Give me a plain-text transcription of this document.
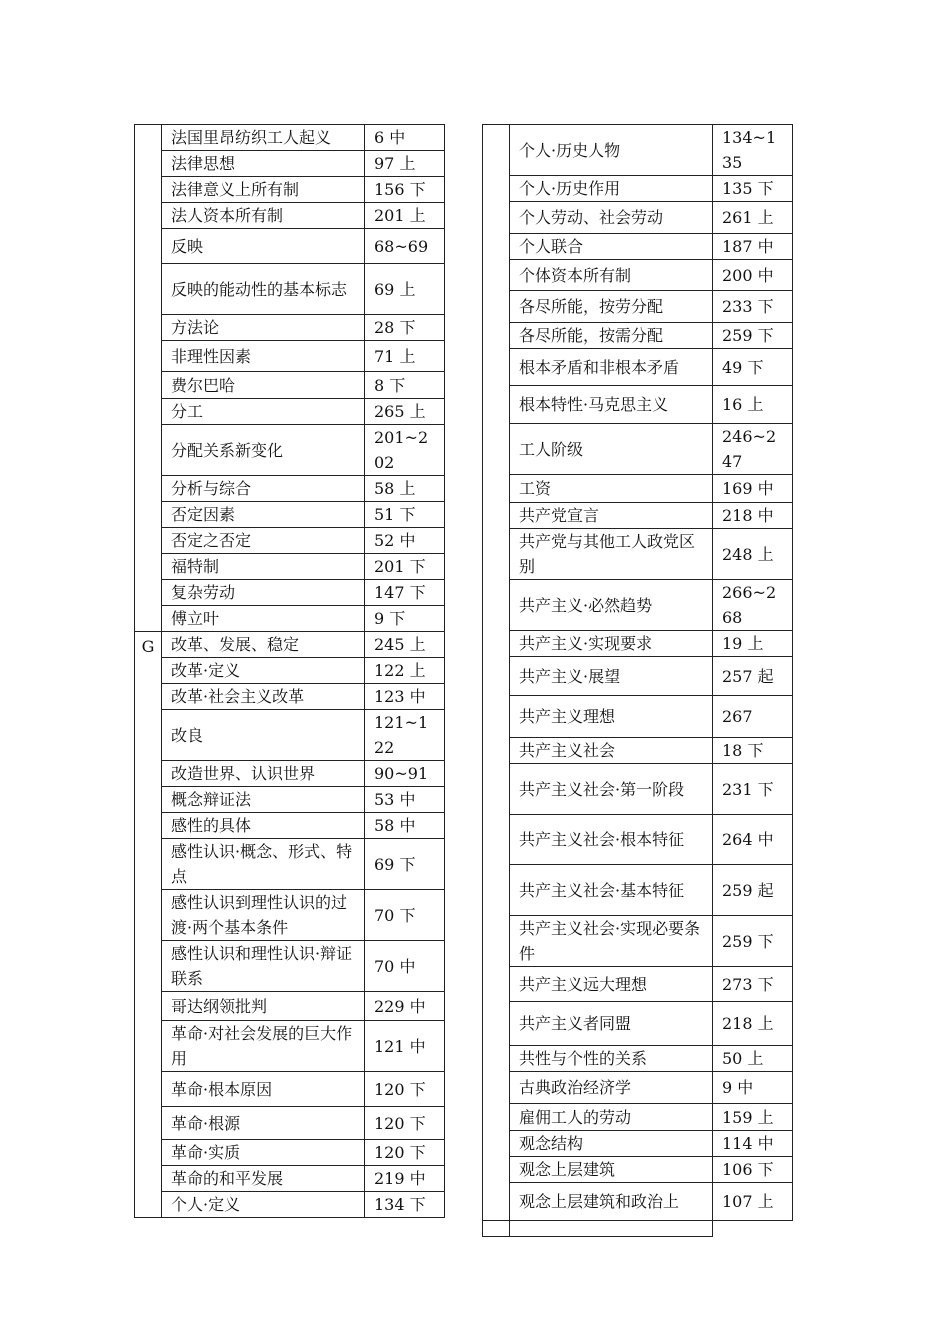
	法国里昂纺织工人起义	6 中
	法律思想	97 上
	法律意义上所有制	156 下
	法人资本所有制	201 上
	反映	68~69
	反映的能动性的基本标志	69 上
	方法论	28 下
	非理性因素	71 上
	费尔巴哈	8 下
	分工	265 上
	分配关系新变化	201~202
	分析与综合	58 上
	否定因素	51 下
	否定之否定	52 中
	福特制	201 下
	复杂劳动	147 下
	傅立叶	9 下
G	改革、发展、稳定	245 上
	改革·定义	122 上
	改革·社会主义改革	123 中
	改良	121~122
	改造世界、认识世界	90~91
	概念辩证法	53 中
	感性的具体	58 中
	感性认识·概念、形式、特点	69 下
	感性认识到理性认识的过渡·两个基本条件	70 下
	感性认识和理性认识·辩证联系	70 中
	哥达纲领批判	229 中
	革命·对社会发展的巨大作用	121 中
	革命·根本原因	120 下
	革命·根源	120 下
	革命·实质	120 下
	革命的和平发展	219 中
	个人·定义	134 下
	个人·历史人物	134~135
	个人·历史作用	135 下
	个人劳动、社会劳动	261 上
	个人联合	187 中
	个体资本所有制	200 中
	各尽所能，按劳分配	233 下
	各尽所能，按需分配	259 下
	根本矛盾和非根本矛盾	49 下
	根本特性·马克思主义	16 上
	工人阶级	246~247
	工资	169 中
	共产党宣言	218 中
	共产党与其他工人政党区别	248 上
	共产主义·必然趋势	266~268
	共产主义·实现要求	19 上
	共产主义·展望	257 起
	共产主义理想	267
	共产主义社会	18 下
	共产主义社会·第一阶段	231 下
	共产主义社会·根本特征	264 中
	共产主义社会·基本特征	259 起
	共产主义社会·实现必要条件	259 下
	共产主义远大理想	273 下
	共产主义者同盟	218 上
	共性与个性的关系	50 上
	古典政治经济学	9 中
	雇佣工人的劳动	159 上
	观念结构	114 中
	观念上层建筑	106 下
	观念上层建筑和政治上	107 上
